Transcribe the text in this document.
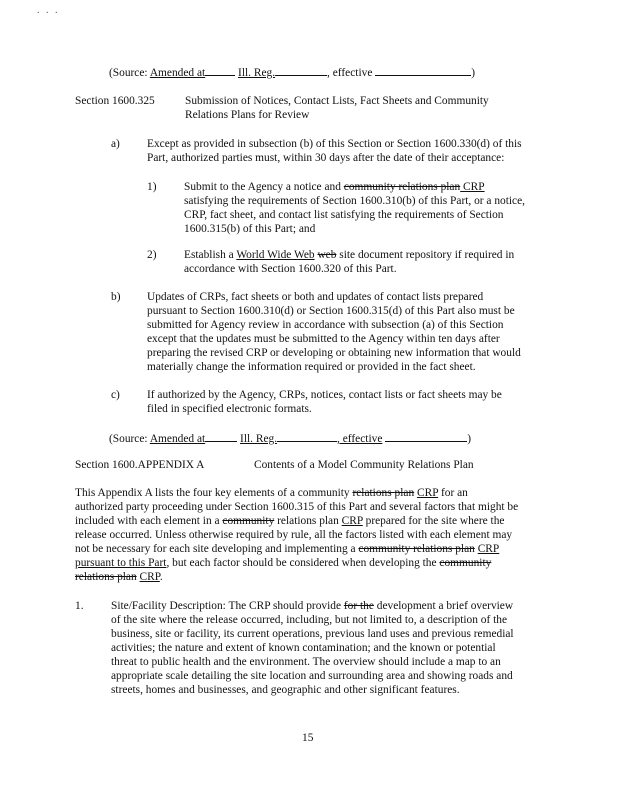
. . .
(Source: Amended at	Ill. Reg.	, effective	)
Section 1600.325	Submission of Notices, Contact Lists, Fact Sheets and Community
Relations Plans for Review
a) Except as provided in subsection (b) of this Section or Section 1600.330(d) of this
Part, authorized parties must, within 30 days after the date of their acceptance:
1) Submit to the Agency a notice and community relations plan CRP
satisfying the requirements of Section 1600.310(b) of this Part, or a notice,
CRP, fact sheet, and contact list satisfying the requirements of Section
1600.315(b) of this Part; and
2) Establish a World Wide Web web site document repository if required in
accordance with Section 1600.320 of this Part.
b) Updates of CRPs, fact sheets or both and updates of contact lists prepared
pursuant to Section 1600.310(d) or Section 1600.315(d) of this Part also must be
submitted for Agency review in accordance with subsection (a) of this Section
except that the updates must be submitted to the Agency within ten days after
preparing the revised CRP or developing or obtaining new information that would
materially change the information required or provided in the fact sheet.
c) If authorized by the Agency, CRPs, notices, contact lists or fact sheets may be
filed in specified electronic formats.
(Source: Amended at	Ill. Reg.	, effective	)
Section 1600.APPENDIX A	Contents of a Model Community Relations Plan
This Appendix A lists the four key elements of a community relations plan CRP for an
authorized party proceeding under Section 1600.315 of this Part and several factors that might be
included with each element in a community relations plan CRP prepared for the site where the
release occurred. Unless otherwise required by rule, all the factors listed with each element may
not be necessary for each site developing and implementing a community relations plan CRP
pursuant to this Part, but each factor should be considered when developing the community
relations plan CRP.
1. Site/Facility Description: The CRP should provide for the development a brief overview
of the site where the release occurred, including, but not limited to, a description of the
business, site or facility, its current operations, previous land uses and previous remedial
activities; the nature and extent of known contamination; and the known or potential
threat to public health and the environment. The overview should include a map to an
appropriate scale detailing the site location and surrounding area and showing roads and
streets, homes and businesses, and geographic and other significant features.
15
